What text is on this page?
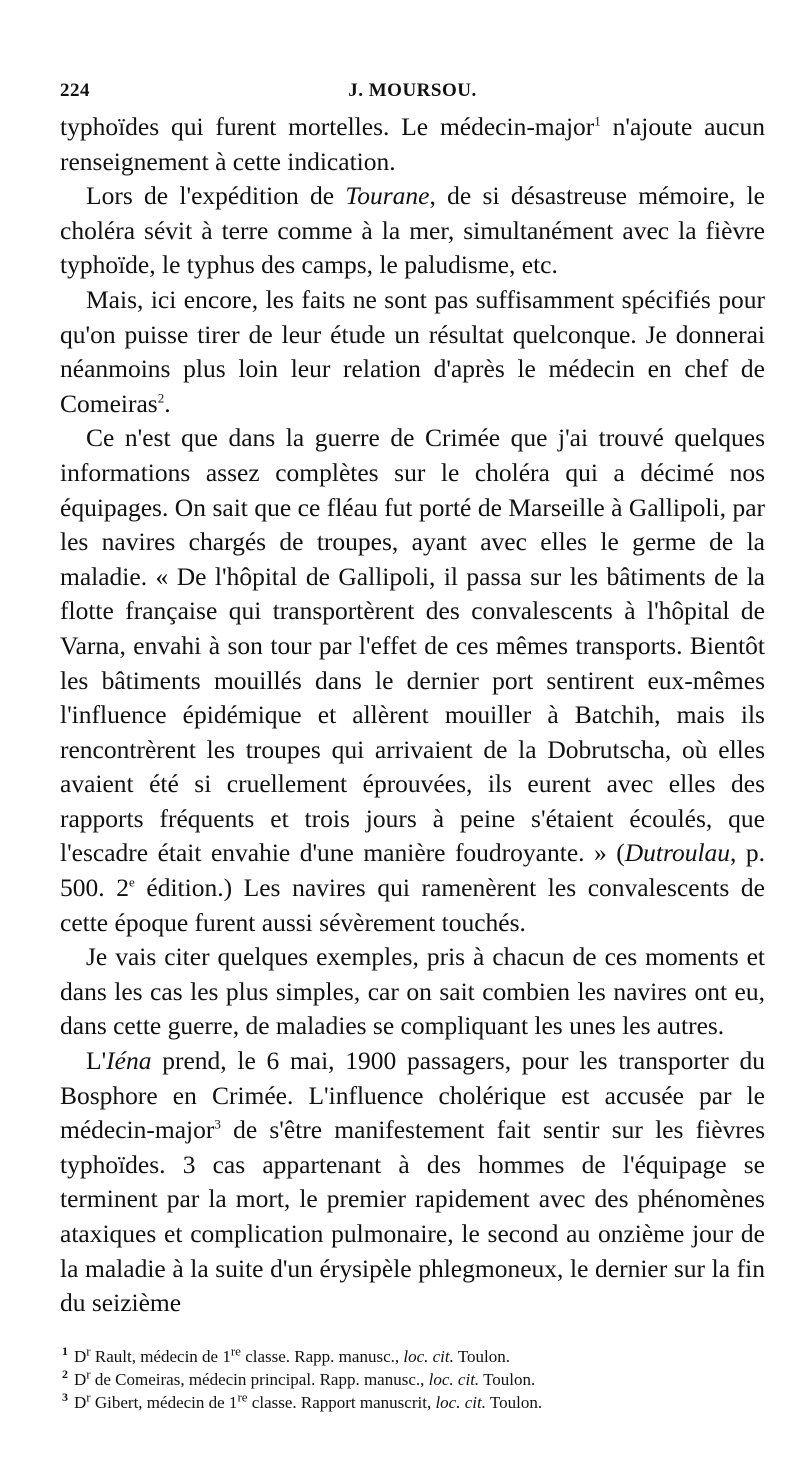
224	J. MOURSOU.

typhoïdes qui furent mortelles. Le médecin-major$^1$ n'ajoute aucun renseignement à cette indication.

Lors de l'expédition de Tourane, de si désastreuse mémoire, le choléra sévit à terre comme à la mer, simultanément avec la fièvre typhoïde, le typhus des camps, le paludisme, etc.

Mais, ici encore, les faits ne sont pas suffisamment spécifiés pour qu'on puisse tirer de leur étude un résultat quelconque. Je donnerai néanmoins plus loin leur relation d'après le médecin en chef de Comeiras$^2$.

Ce n'est que dans la guerre de Crimée que j'ai trouvé quelques informations assez complètes sur le choléra qui a décimé nos équipages. On sait que ce fléau fut porté de Marseille à Gallipoli, par les navires chargés de troupes, ayant avec elles le germe de la maladie. « De l'hôpital de Gallipoli, il passa sur les bâtiments de la flotte française qui transportèrent des convalescents à l'hôpital de Varna, envahi à son tour par l'effet de ces mêmes transports. Bientôt les bâtiments mouillés dans le dernier port sentirent eux-mêmes l'influence épidémique et allèrent mouiller à Batchih, mais ils rencontrèrent les troupes qui arrivaient de la Dobrutscha, où elles avaient été si cruellement éprouvées, ils eurent avec elles des rapports fréquents et trois jours à peine s'étaient écoulés, que l'escadre était envahie d'une manière foudroyante. » (Dutroulau, p. 500. 2e édition.) Les navires qui ramenèrent les convalescents de cette époque furent aussi sévèrement touchés.

Je vais citer quelques exemples, pris à chacun de ces moments et dans les cas les plus simples, car on sait combien les navires ont eu, dans cette guerre, de maladies se compliquant les unes les autres.

L'Iéna prend, le 6 mai, 1900 passagers, pour les transporter du Bosphore en Crimée. L'influence cholérique est accusée par le médecin-major$^3$ de s'être manifestement fait sentir sur les fièvres typhoïdes. 3 cas appartenant à des hommes de l'équipage se terminent par la mort, le premier rapidement avec des phénomènes ataxiques et complication pulmonaire, le second au onzième jour de la maladie à la suite d'un érysipèle phlegmoneux, le dernier sur la fin du seizième

$^1$ $D^r$ Rault, médecin de 1re classe. Rapp. manusc., loc. cit. Toulon.

$^2$ $D^r$ de Comeiras, médecin principal. Rapp. manusc., loc. cit. Toulon.

$^3$ $D^r$ Gibert, médecin de 1re classe. Rapport manuscrit, loc. cit. Toulon.
